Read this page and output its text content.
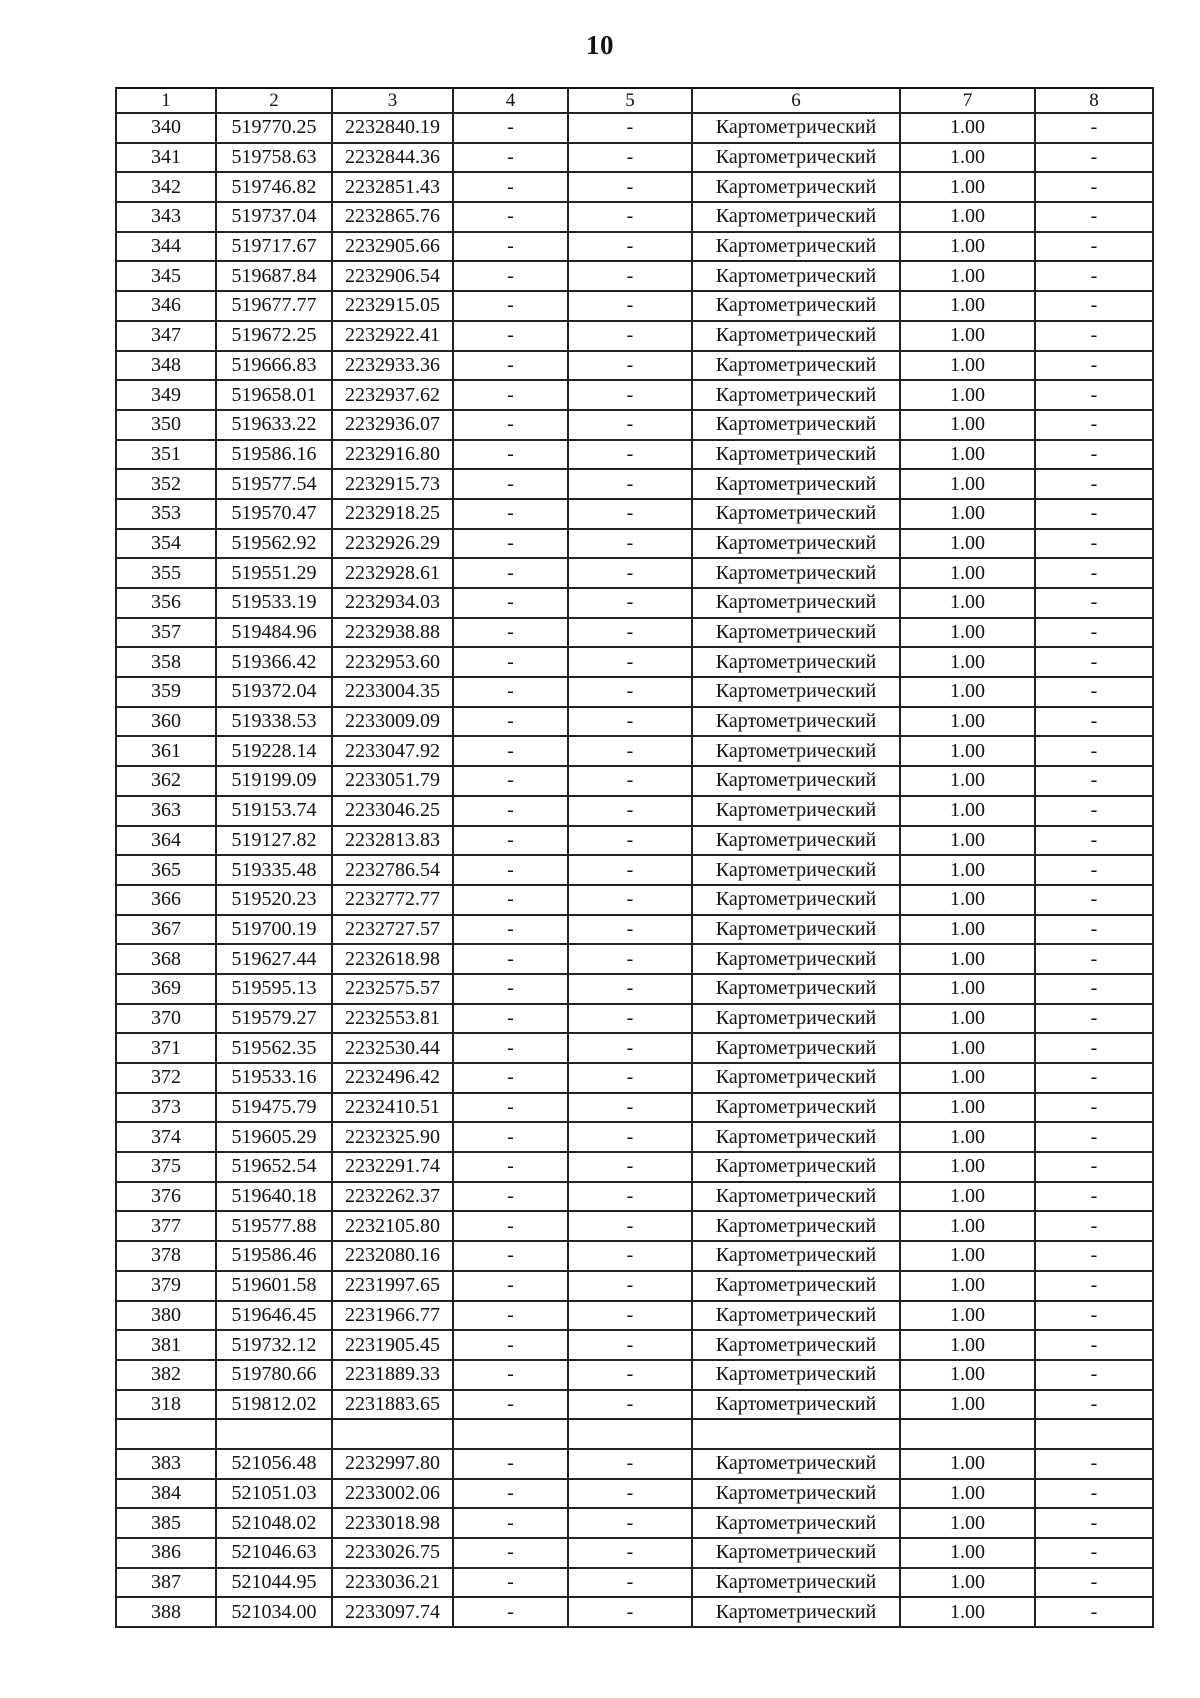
10
1	2	3	4	5	6	7	8
340	519770.25	2232840.19	-	-	Картометрический	1.00	-
341	519758.63	2232844.36	-	-	Картометрический	1.00	-
342	519746.82	2232851.43	-	-	Картометрический	1.00	-
343	519737.04	2232865.76	-	-	Картометрический	1.00	-
344	519717.67	2232905.66	-	-	Картометрический	1.00	-
345	519687.84	2232906.54	-	-	Картометрический	1.00	-
346	519677.77	2232915.05	-	-	Картометрический	1.00	-
347	519672.25	2232922.41	-	-	Картометрический	1.00	-
348	519666.83	2232933.36	-	-	Картометрический	1.00	-
349	519658.01	2232937.62	-	-	Картометрический	1.00	-
350	519633.22	2232936.07	-	-	Картометрический	1.00	-
351	519586.16	2232916.80	-	-	Картометрический	1.00	-
352	519577.54	2232915.73	-	-	Картометрический	1.00	-
353	519570.47	2232918.25	-	-	Картометрический	1.00	-
354	519562.92	2232926.29	-	-	Картометрический	1.00	-
355	519551.29	2232928.61	-	-	Картометрический	1.00	-
356	519533.19	2232934.03	-	-	Картометрический	1.00	-
357	519484.96	2232938.88	-	-	Картометрический	1.00	-
358	519366.42	2232953.60	-	-	Картометрический	1.00	-
359	519372.04	2233004.35	-	-	Картометрический	1.00	-
360	519338.53	2233009.09	-	-	Картометрический	1.00	-
361	519228.14	2233047.92	-	-	Картометрический	1.00	-
362	519199.09	2233051.79	-	-	Картометрический	1.00	-
363	519153.74	2233046.25	-	-	Картометрический	1.00	-
364	519127.82	2232813.83	-	-	Картометрический	1.00	-
365	519335.48	2232786.54	-	-	Картометрический	1.00	-
366	519520.23	2232772.77	-	-	Картометрический	1.00	-
367	519700.19	2232727.57	-	-	Картометрический	1.00	-
368	519627.44	2232618.98	-	-	Картометрический	1.00	-
369	519595.13	2232575.57	-	-	Картометрический	1.00	-
370	519579.27	2232553.81	-	-	Картометрический	1.00	-
371	519562.35	2232530.44	-	-	Картометрический	1.00	-
372	519533.16	2232496.42	-	-	Картометрический	1.00	-
373	519475.79	2232410.51	-	-	Картометрический	1.00	-
374	519605.29	2232325.90	-	-	Картометрический	1.00	-
375	519652.54	2232291.74	-	-	Картометрический	1.00	-
376	519640.18	2232262.37	-	-	Картометрический	1.00	-
377	519577.88	2232105.80	-	-	Картометрический	1.00	-
378	519586.46	2232080.16	-	-	Картометрический	1.00	-
379	519601.58	2231997.65	-	-	Картометрический	1.00	-
380	519646.45	2231966.77	-	-	Картометрический	1.00	-
381	519732.12	2231905.45	-	-	Картометрический	1.00	-
382	519780.66	2231889.33	-	-	Картометрический	1.00	-
318	519812.02	2231883.65	-	-	Картометрический	1.00	-

383	521056.48	2232997.80	-	-	Картометрический	1.00	-
384	521051.03	2233002.06	-	-	Картометрический	1.00	-
385	521048.02	2233018.98	-	-	Картометрический	1.00	-
386	521046.63	2233026.75	-	-	Картометрический	1.00	-
387	521044.95	2233036.21	-	-	Картометрический	1.00	-
388	521034.00	2233097.74	-	-	Картометрический	1.00	-
